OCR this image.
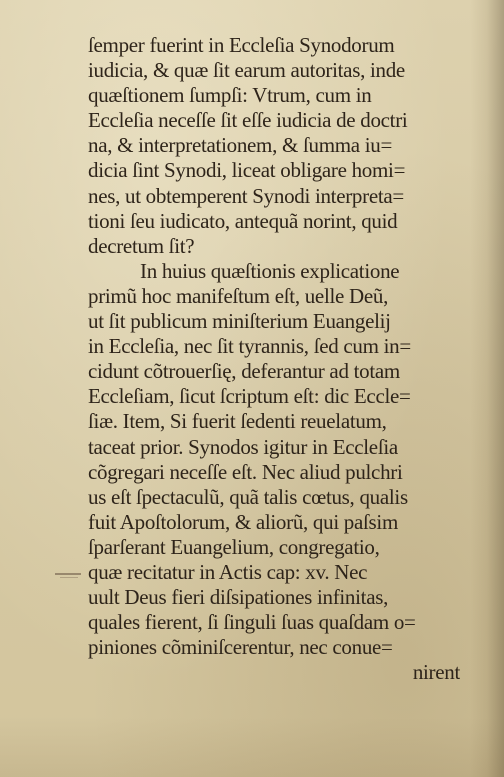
ſemper fuerint in Eccleſia Synodorum
iudicia, & quæ ſit earum autoritas, inde
quæſtionem ſumpſi: Vtrum, cum in
Eccleſia neceſſe ſit eſſe iudicia de doctri
na, & interpretationem, & ſumma iu=
dicia ſint Synodi, liceat obligare homi=
nes, ut obtemperent Synodi interpreta=
tioni ſeu iudicato, antequã norint, quid
decretum ſit?
In huius quæſtionis explicatione
primũ hoc manifeſtum eſt, uelle Deũ,
ut ſit publicum miniſterium Euangelij
in Eccleſia, nec ſit tyrannis, ſed cum in=
cidunt cõtrouerſię, deferantur ad totam
Eccleſiam, ſicut ſcriptum eſt: dic Eccle=
ſiæ. Item, Si fuerit ſedenti reuelatum,
taceat prior. Synodos igitur in Eccleſia
cõgregari neceſſe eſt. Nec aliud pulchri
us eſt ſpectaculũ, quã talis cœtus, qualis
fuit Apoſtolorum, & aliorũ, qui paſsim
ſparſerant Euangelium, congregatio,
quæ recitatur in Actis cap: xv. Nec
uult Deus fieri diſsipationes infinitas,
quales fierent, ſi ſinguli ſuas quaſdam o=
piniones cõminiſcerentur, nec conue=
nirent
